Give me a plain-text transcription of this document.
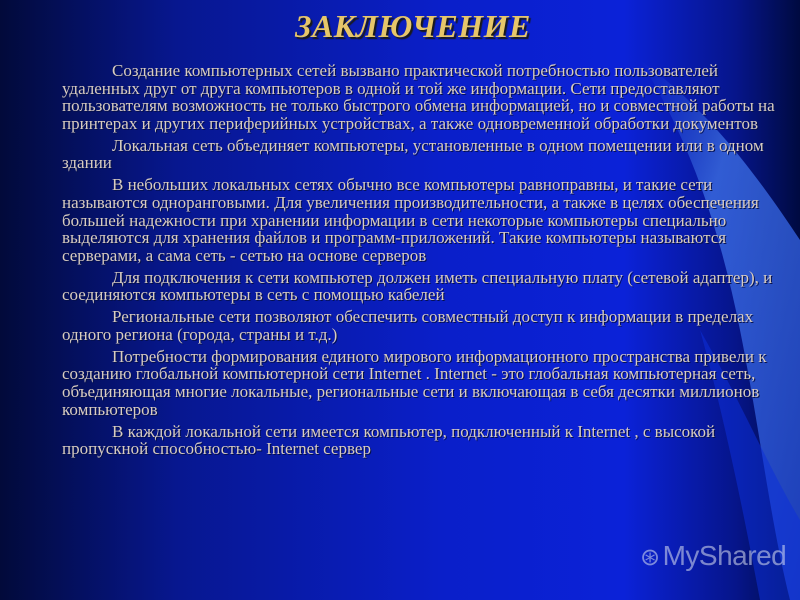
ЗАКЛЮЧЕНИЕ

Создание компьютерных сетей вызвано практической потребностью пользователей удаленных друг от друга компьютеров в одной и той же информации. Сети предоставляют пользователям возможность не только быстрого обмена информацией, но и совместной работы на принтерах и других периферийных устройствах, а также одновременной обработки документов

Локальная сеть объединяет компьютеры, установленные в одном помещении или в одном здании

В небольших локальных сетях обычно все компьютеры равноправны, и такие сети называются одноранговыми. Для увеличения производительности, а также в целях обеспечения большей надежности при хранении информации в сети некоторые компьютеры специально выделяются для хранения файлов и программ-приложений. Такие компьютеры называются серверами, а сама сеть - сетью на основе серверов

Для подключения к сети компьютер должен иметь специальную плату (сетевой адаптер), и соединяются компьютеры в сеть с помощью кабелей

Региональные сети позволяют обеспечить совместный доступ к информации в пределах одного региона (города, страны и т.д.)

Потребности формирования единого мирового информационного пространства привели к созданию глобальной компьютерной сети Internet . Internet - это глобальная компьютерная сеть, объединяющая многие локальные, региональные сети и включающая в себя десятки миллионов компьютеров

В каждой локальной сети имеется компьютер, подключенный к Internet , с высокой пропускной способностью- Internet сервер

⊛ MyShared
